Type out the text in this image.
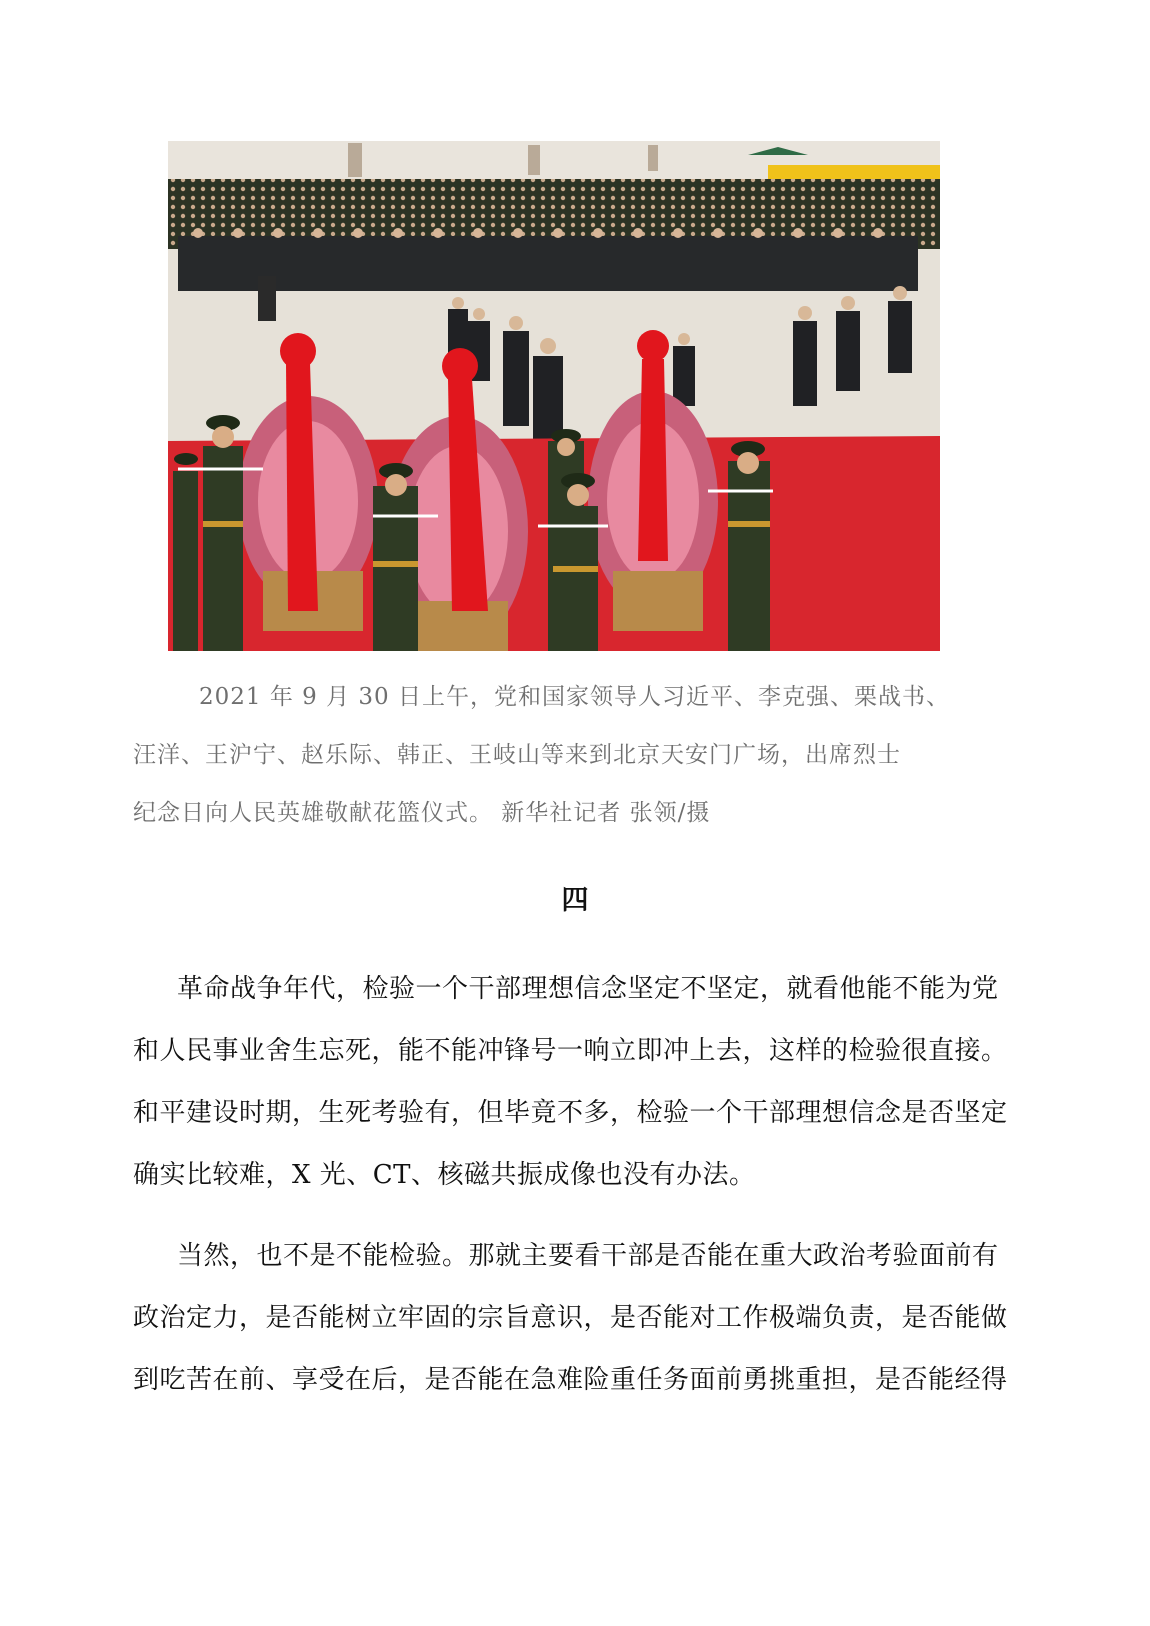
2021 年 9 月 30 日上午，党和国家领导人习近平、李克强、栗战书、

汪洋、王沪宁、赵乐际、韩正、王岐山等来到北京天安门广场，出席烈士

纪念日向人民英雄敬献花篮仪式。 新华社记者 张领/摄

四

革命战争年代，检验一个干部理想信念坚定不坚定，就看他能不能为党

和人民事业舍生忘死，能不能冲锋号一响立即冲上去，这样的检验很直接。

和平建设时期，生死考验有，但毕竟不多，检验一个干部理想信念是否坚定

确实比较难，X 光、CT、核磁共振成像也没有办法。

当然，也不是不能检验。那就主要看干部是否能在重大政治考验面前有

政治定力，是否能树立牢固的宗旨意识，是否能对工作极端负责，是否能做

到吃苦在前、享受在后，是否能在急难险重任务面前勇挑重担，是否能经得
